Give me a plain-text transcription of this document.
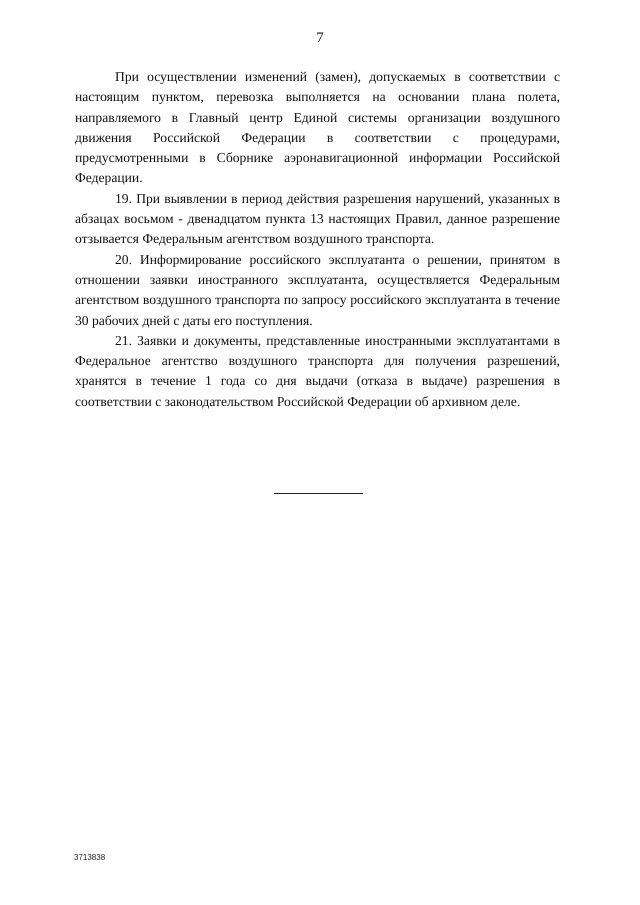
7

При осуществлении изменений (замен), допускаемых в соответствии с настоящим пунктом, перевозка выполняется на основании плана полета, направляемого в Главный центр Единой системы организации воздушного движения Российской Федерации в соответствии с процедурами, предусмотренными в Сборнике аэронавигационной информации Российской Федерации.

19. При выявлении в период действия разрешения нарушений, указанных в абзацах восьмом - двенадцатом пункта 13 настоящих Правил, данное разрешение отзывается Федеральным агентством воздушного транспорта.

20. Информирование российского эксплуатанта о решении, принятом в отношении заявки иностранного эксплуатанта, осуществляется Федеральным агентством воздушного транспорта по запросу российского эксплуатанта в течение 30 рабочих дней с даты его поступления.

21. Заявки и документы, представленные иностранными эксплуатантами в Федеральное агентство воздушного транспорта для получения разрешений, хранятся в течение 1 года со дня выдачи (отказа в выдаче) разрешения в соответствии с законодательством Российской Федерации об архивном деле.

3713838
